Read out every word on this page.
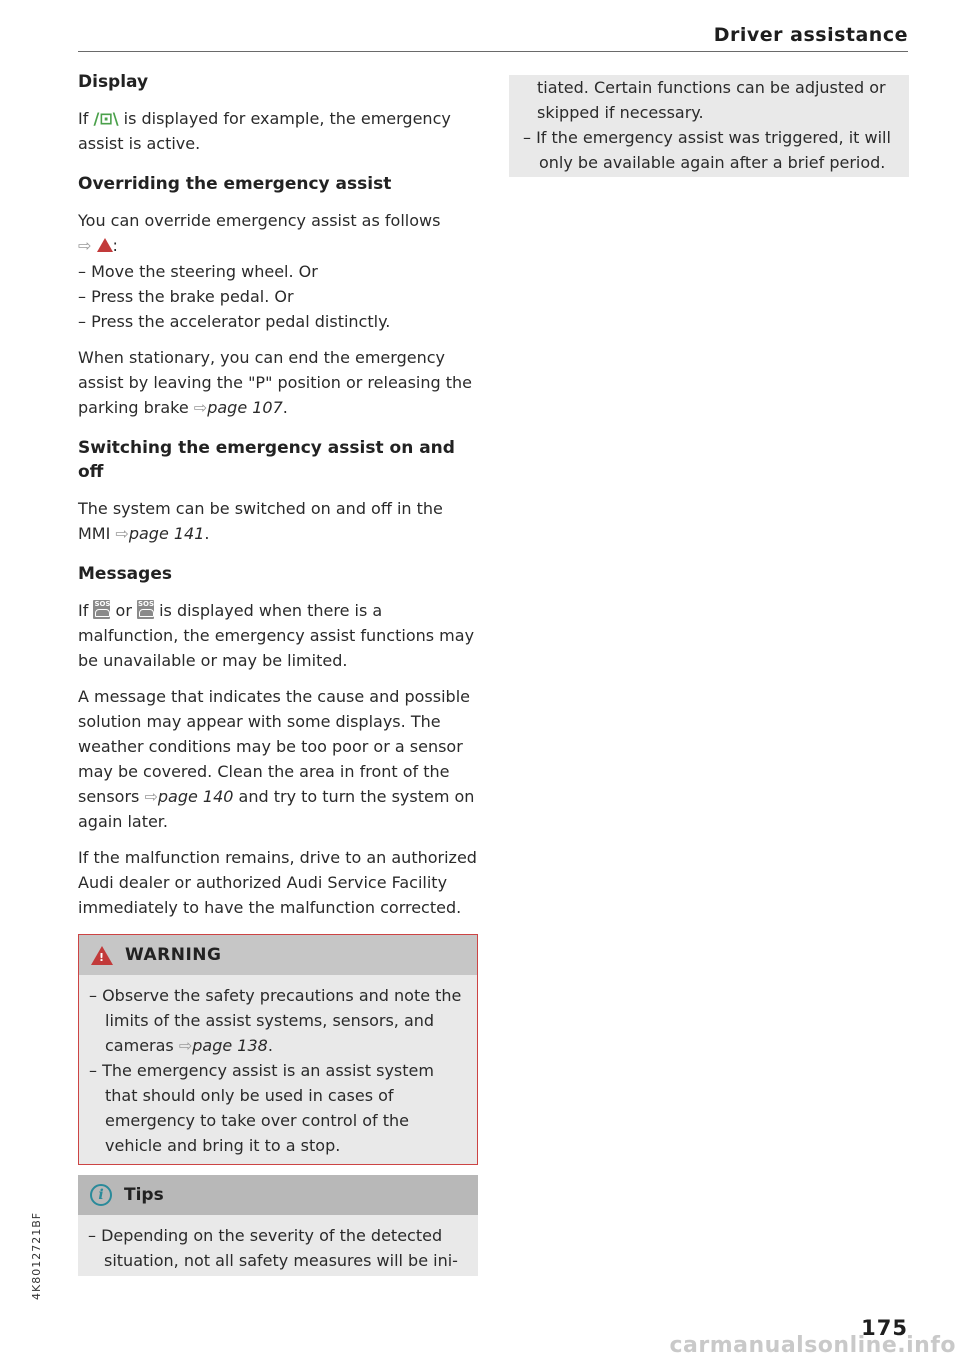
Driver assistance
Display

If /⊡\ is displayed for example, the emergency assist is active.

Overriding the emergency assist

You can override emergency assist as follows
⇨ :

– Move the steering wheel. Or
– Press the brake pedal. Or
– Press the accelerator pedal distinctly.

When stationary, you can end the emergency assist by leaving the "P" position or releasing the parking brake ⇨page 107.

Switching the emergency assist on and off

The system can be switched on and off in the MMI ⇨page 141.

Messages

If SOS or SOS is displayed when there is a malfunction, the emergency assist functions may be unavailable or may be limited.

A message that indicates the cause and possible solution may appear with some displays. The weather conditions may be too poor or a sensor may be covered. Clean the area in front of the sensors ⇨page 140 and try to turn the system on again later.

If the malfunction remains, drive to an authorized Audi dealer or authorized Audi Service Facility immediately to have the malfunction corrected.

!
WARNING
– Observe the safety precautions and note the limits of the assist systems, sensors, and cameras ⇨page 138.
– The emergency assist is an assist system that should only be used in cases of emergency to take over control of the vehicle and bring it to a stop.
i	Tips
– Depending on the severity of the detected situation, not all safety measures will be ini-
tiated. Certain functions can be adjusted or skipped if necessary.
– If the emergency assist was triggered, it will only be available again after a brief period.
4K8012721BF
175
carmanualsonline.info
